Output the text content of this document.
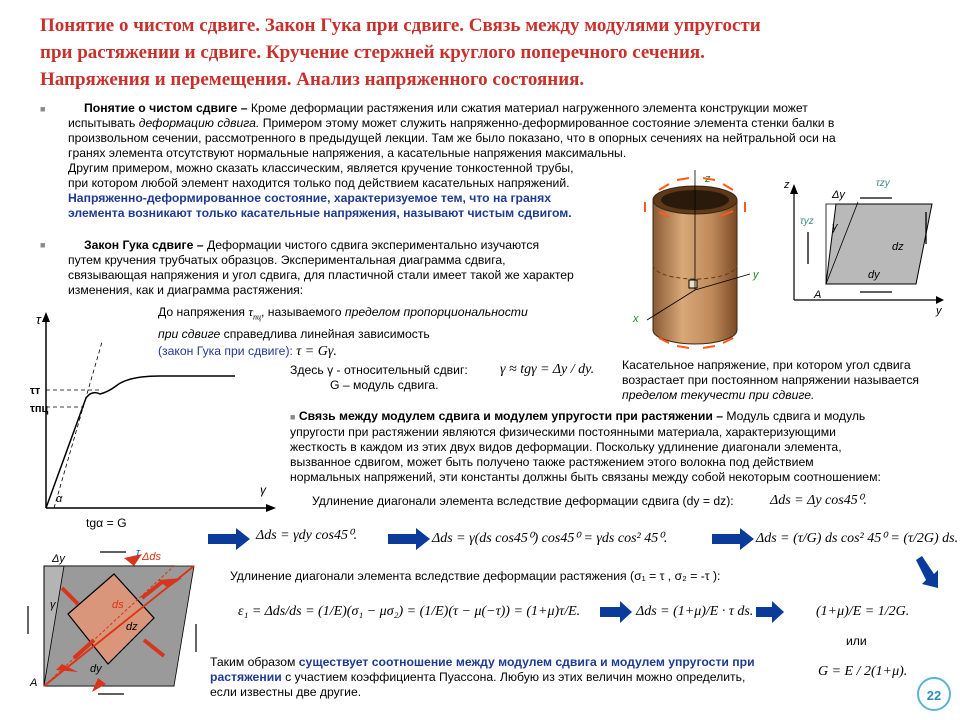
Понятие о чистом сдвиге. Закон Гука при сдвиге. Связь между модулями упругости
при растяжении и сдвиге. Кручение стержней круглого поперечного сечения.
Напряжения и перемещения. Анализ напряженного состояния.
■	Понятие о чистом сдвиге – Кроме деформации растяжения или сжатия материал нагруженного элемента конструкции может
испытывать деформацию сдвига. Примером этому может служить напряженно-деформированное состояние элемента стенки балки в
произвольном сечении, рассмотренного в предыдущей лекции. Там же было показано, что в опорных сечениях на нейтральной оси на
гранях элемента отсутствуют нормальные напряжения, а касательные напряжения максимальны.
Другим примером, можно сказать классическим, является кручение тонкостенной трубы,
при котором любой элемент находится только под действием касательных напряжений.
Напряженно-деформированное состояние, характеризуемое тем, что на гранях
элемента возникают только касательные напряжения, называют чистым сдвигом.
■	Закон Гука сдвиге – Деформации чистого сдвига экспериментально изучаются
путем кручения трубчатых образцов. Экспериментальная диаграмма сдвига,
связывающая напряжения и угол сдвига, для пластичной стали имеет такой же характер
изменения, как и диаграмма растяжения:
До напряжения $\tau_{пц}$, называемого пределом пропорциональности
при сдвиге справедлива линейная зависимость
(закон Гука при сдвиге): τ = Gγ.
Здесь γ - относительный сдвиг:
G – модуль сдвига.
γ ≈ tgγ = Δy / dy.
τ
γ
τт
τпц
α
tgα = G
y
x
z
y
Δy
τzy
τyz γ
dz
dy
A
Касательное напряжение, при котором угол сдвига
возрастает при постоянном напряжении называется
пределом текучести при сдвиге.
■ Связь между модулем сдвига и модулем упругости при растяжении – Модуль сдвига и модуль
упругости при растяжении являются физическими постоянными материала, характеризующими
жесткость в каждом из этих двух видов деформации. Поскольку удлинение диагонали элемента,
вызванное сдвигом, может быть получено также растяжением этого волокна под действием
нормальных напряжений, эти константы должны быть связаны между собой некоторым соотношением:
Удлинение диагонали элемента вследствие деформации сдвига (dy = dz):	Δds = Δy cos45⁰.
Δds = γdy cos45⁰.	Δds = γ(ds cos45⁰) cos45⁰ = γds cos² 45⁰.	Δds = (τ/G) ds cos² 45⁰ = (τ/2G) ds.
Удлинение диагонали элемента вследствие деформации растяжения (σ₁ = τ , σ₂ = -τ ):
ε₁ = Δds/ds = (1/E)(σ₁ − μσ₂) = (1/E)(τ − μ(−τ)) = (1+μ)τ/E.	Δds = (1+μ)/E · τ ds.	(1+μ)/E = 1/2G.
или
G = E / 2(1+μ).
Таким образом существует соотношение между модулем сдвига и модулем упругости при
растяжении с участием коэффициента Пуассона. Любую из этих величин можно определить,
если известны две другие.
Δy	τ Δds
ds
dz
dy
γ
A
22
